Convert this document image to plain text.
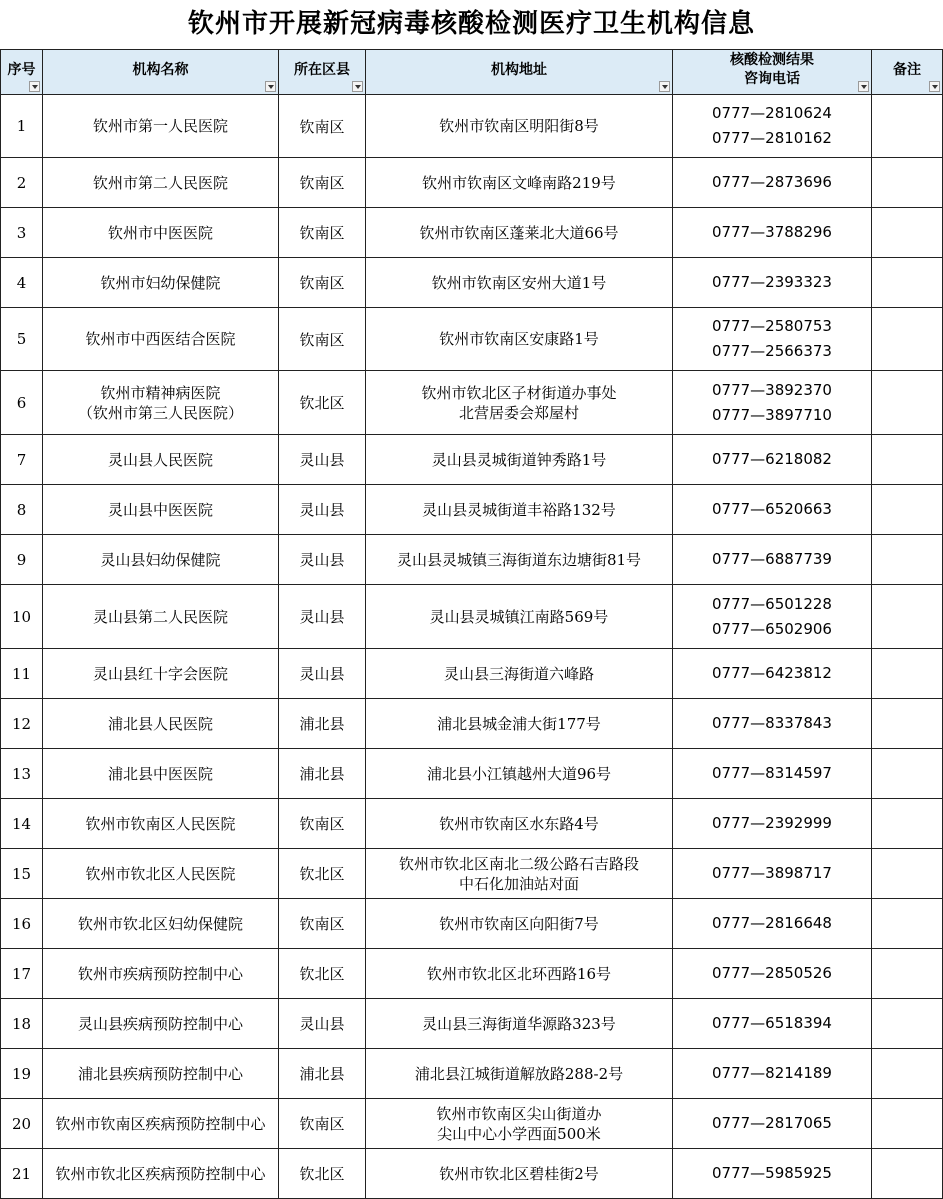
钦州市开展新冠病毒核酸检测医疗卫生机构信息
序号	机构名称	所在区县	机构地址	核酸检测结果
咨询电话	备注

1	钦州市第一人民医院	钦南区	钦州市钦南区明阳街8号	0777—2810624
0777—2810162	

2	钦州市第二人民医院	钦南区	钦州市钦南区文峰南路219号	0777—2873696	

3	钦州市中医医院	钦南区	钦州市钦南区蓬莱北大道66号	0777—3788296	

4	钦州市妇幼保健院	钦南区	钦州市钦南区安州大道1号	0777—2393323	

5	钦州市中西医结合医院	钦南区	钦州市钦南区安康路1号	0777—2580753
0777—2566373	

6	钦州市精神病医院
（钦州市第三人民医院）	钦北区	钦州市钦北区子材街道办事处
北营居委会郑屋村	0777—3892370
0777—3897710	

7	灵山县人民医院	灵山县	灵山县灵城街道钟秀路1号	0777—6218082	

8	灵山县中医医院	灵山县	灵山县灵城街道丰裕路132号	0777—6520663	

9	灵山县妇幼保健院	灵山县	灵山县灵城镇三海街道东边塘街81号	0777—6887739	

10	灵山县第二人民医院	灵山县	灵山县灵城镇江南路569号	0777—6501228
0777—6502906	

11	灵山县红十字会医院	灵山县	灵山县三海街道六峰路	0777—6423812	

12	浦北县人民医院	浦北县	浦北县城金浦大街177号	0777—8337843	

13	浦北县中医医院	浦北县	浦北县小江镇越州大道96号	0777—8314597	

14	钦州市钦南区人民医院	钦南区	钦州市钦南区水东路4号	0777—2392999	

15	钦州市钦北区人民医院	钦北区	钦州市钦北区南北二级公路石吉路段
中石化加油站对面	0777—3898717	

16	钦州市钦北区妇幼保健院	钦南区	钦州市钦南区向阳街7号	0777—2816648	

17	钦州市疾病预防控制中心	钦北区	钦州市钦北区北环西路16号	0777—2850526	

18	灵山县疾病预防控制中心	灵山县	灵山县三海街道华源路323号	0777—6518394	

19	浦北县疾病预防控制中心	浦北县	浦北县江城街道解放路288-2号	0777—8214189	

20	钦州市钦南区疾病预防控制中心	钦南区	钦州市钦南区尖山街道办
尖山中心小学西面500米	0777—2817065	

21	钦州市钦北区疾病预防控制中心	钦北区	钦州市钦北区碧桂街2号	0777—5985925	
